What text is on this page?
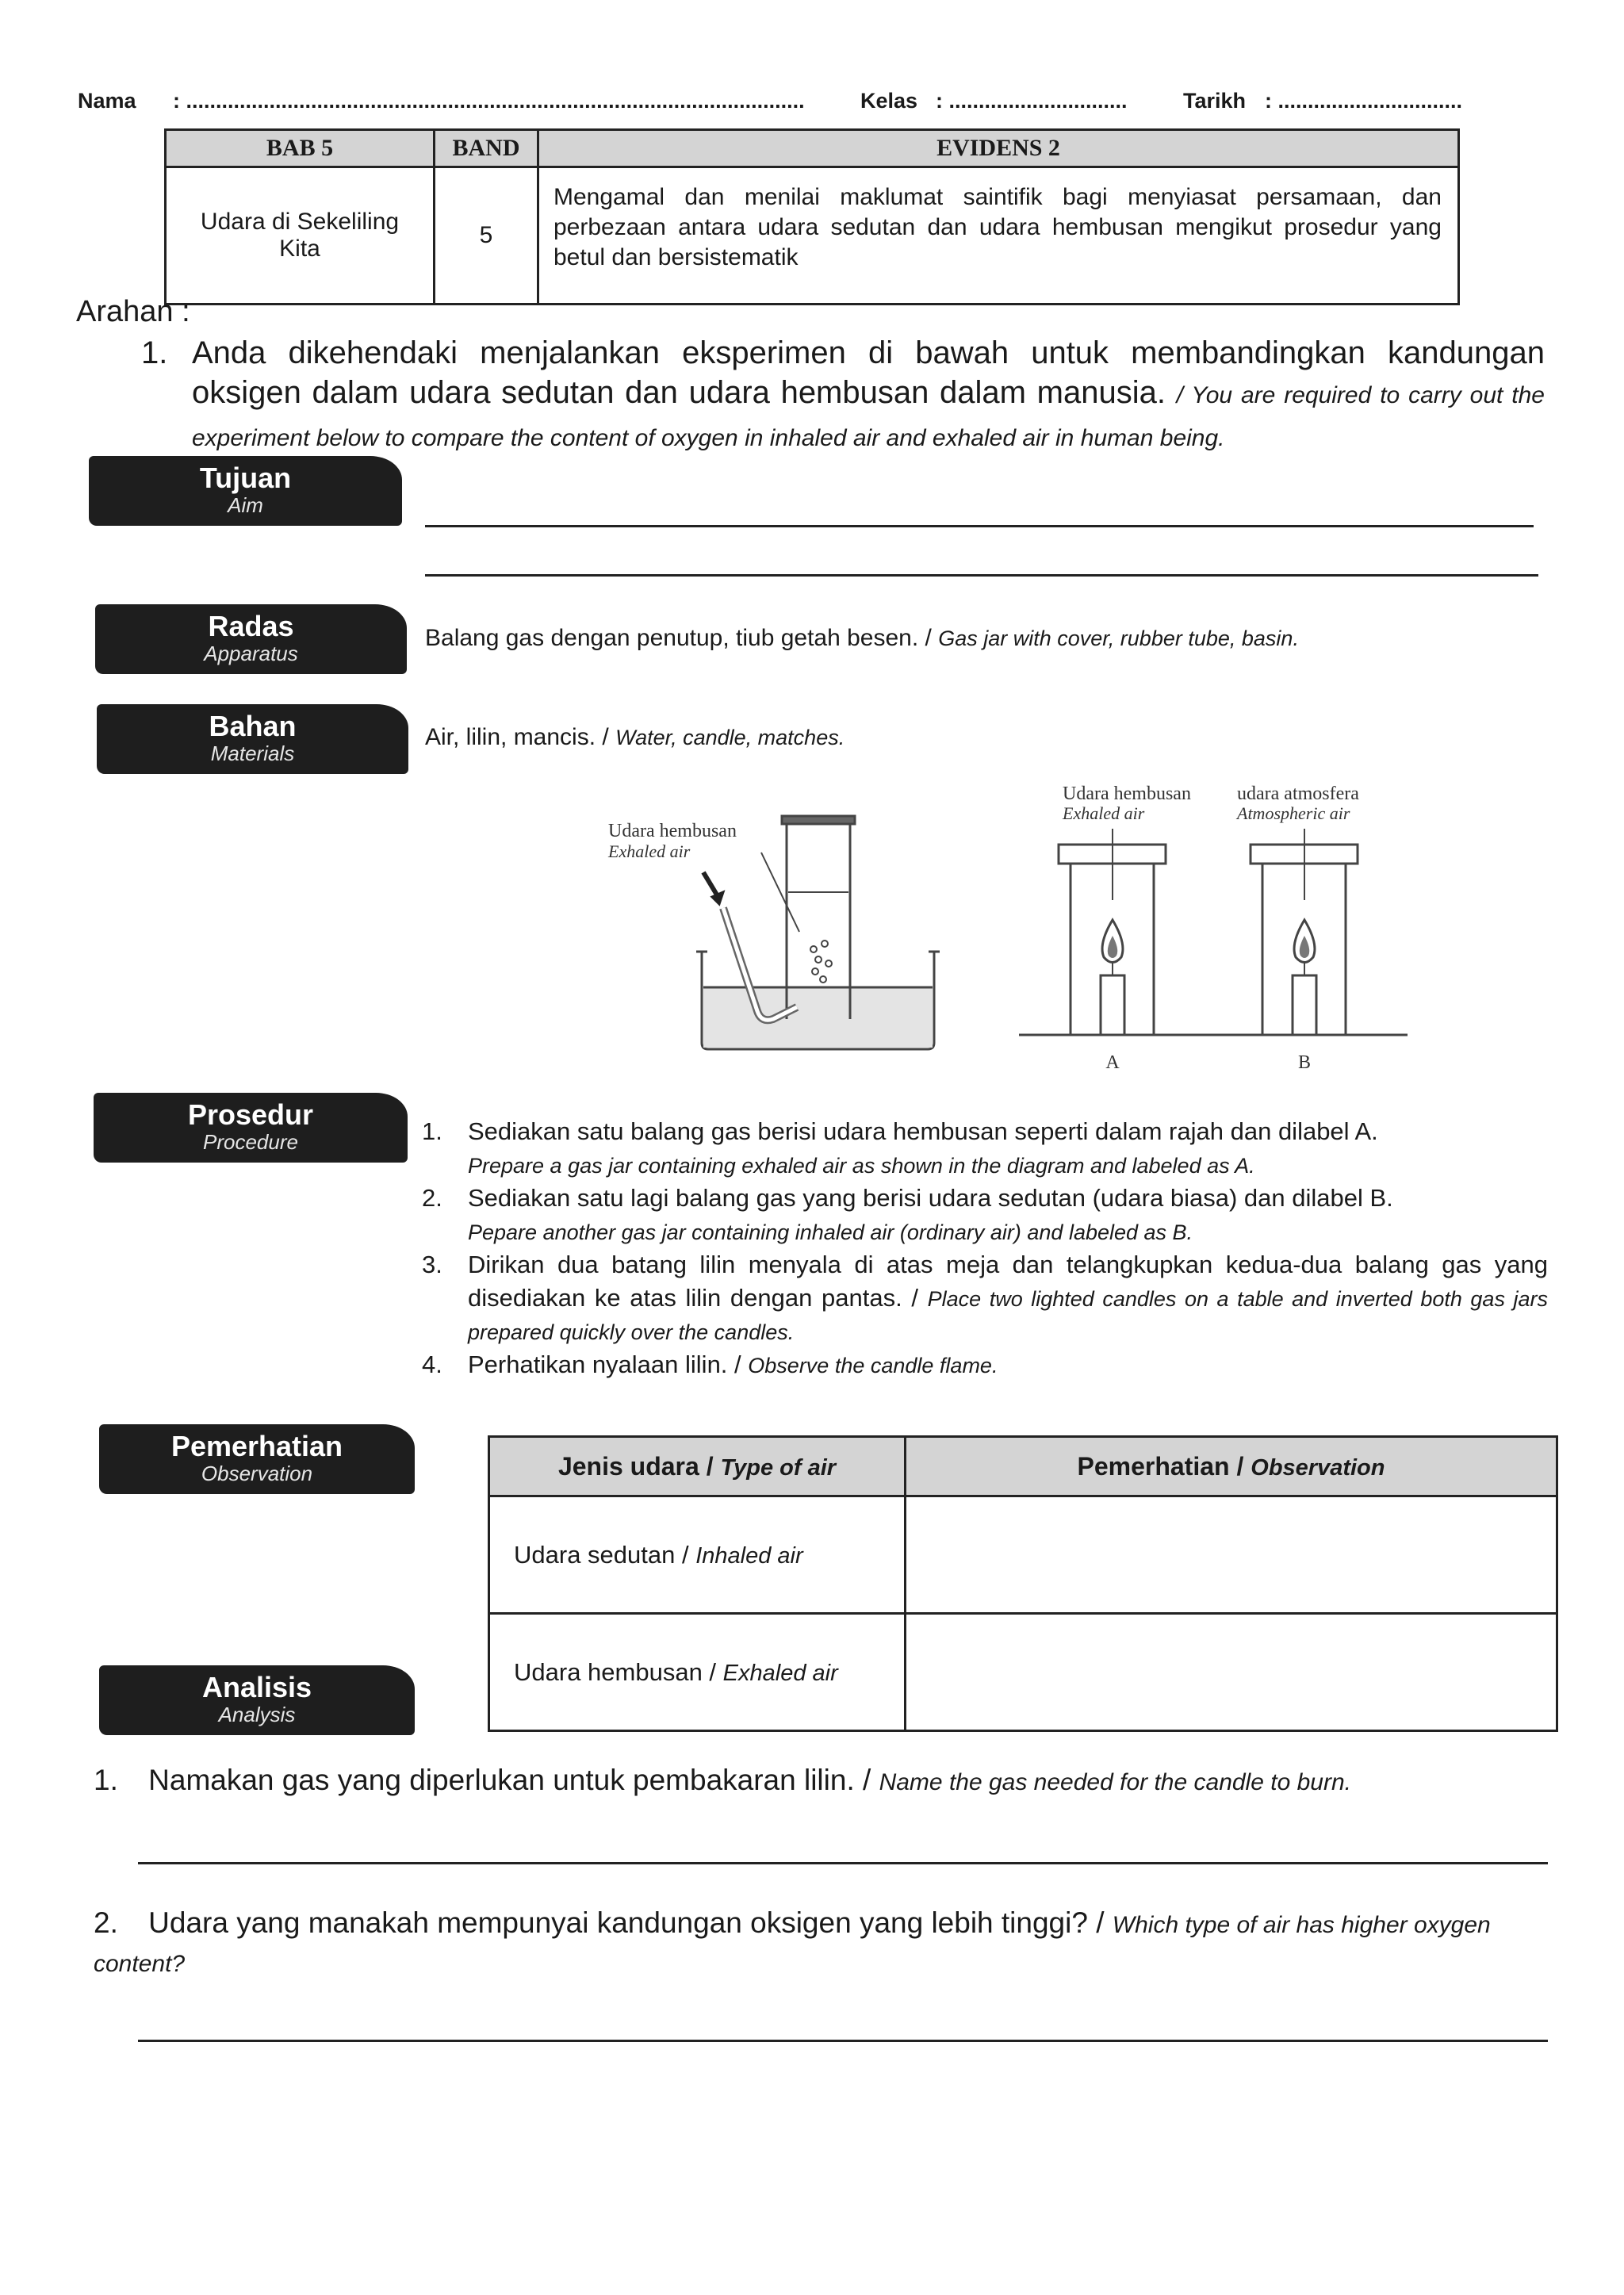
Nama : ........................................................................................................	Kelas : ..............................	Tarikh : ...............................
BAB 5	BAND	EVIDENS 2
Udara di Sekeliling Kita	5	Mengamal dan menilai maklumat saintifik bagi menyiasat persamaan, dan perbezaan antara udara sedutan dan udara hembusan mengikut prosedur yang betul dan bersistematik
Arahan :
1. Anda dikehendaki menjalankan eksperimen di bawah untuk membandingkan kandungan oksigen dalam udara sedutan dan udara hembusan dalam manusia. / You are required to carry out the experiment below to compare the content of oxygen in inhaled air and exhaled air in human being.
Tujuan
Aim
Radas
Apparatus
Balang gas dengan penutup, tiub getah besen. / Gas jar with cover, rubber tube, basin.
Bahan
Materials
Air, lilin, mancis. / Water, candle, matches.
Udara hembusan
Exhaled air
Udara hembusan
Exhaled air
udara atmosfera
Atmospheric air
A	B
Prosedur
Procedure	1. Sediakan satu balang gas berisi udara hembusan seperti dalam rajah dan dilabel A.
Prepare a gas jar containing exhaled air as shown in the diagram and labeled as A.
2. Sediakan satu lagi balang gas yang berisi udara sedutan (udara biasa) dan dilabel B.
Pepare another gas jar containing inhaled air (ordinary air) and labeled as B.
3. Dirikan dua batang lilin menyala di atas meja dan telangkupkan kedua-dua balang gas yang disediakan ke atas lilin dengan pantas. / Place two lighted candles on a table and inverted both gas jars prepared quickly over the candles.
4. Perhatikan nyalaan lilin. / Observe the candle flame.
Pemerhatian
Observation	Jenis udara / Type of air	Pemerhatian / Observation
Udara sedutan / Inhaled air	
Udara hembusan / Exhaled air	
Analisis
Analysis
1. Namakan gas yang diperlukan untuk pembakaran lilin. / Name the gas needed for the candle to burn.
2. Udara yang manakah mempunyai kandungan oksigen yang lebih tinggi? / Which type of air has higher oxygen content?
